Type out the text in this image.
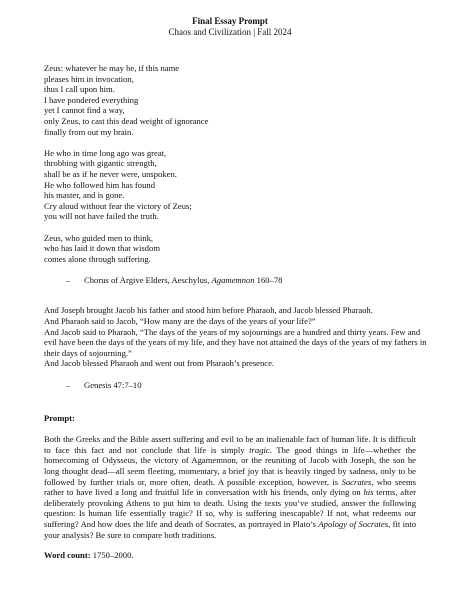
Final Essay Prompt
Chaos and Civilization | Fall 2024
Zeus: whatever he may be, if this name
pleases him in invocation,
thus I call upon him.
I have pondered everything
yet I cannot find a way,
only Zeus, to cast this dead weight of ignorance
finally from out my brain.
He who in time long ago was great,
throbbing with gigantic strength,
shall be as if he never were, unspoken.
He who followed him has found
his master, and is gone.
Cry aloud without fear the victory of Zeus;
you will not have failed the truth.
Zeus, who guided men to think,
who has laid it down that wisdom
comes alone through suffering.
– Chorus of Argive Elders, Aeschylus, Agamemnon 160–78
And Joseph brought Jacob his father and stood him before Pharaoh, and Jacob blessed Pharaoh.
And Pharaoh said to Jacob, “How many are the days of the years of your life?”
And Jacob said to Pharaoh, “The days of the years of my sojournings are a hundred and thirty years. Few and
evil have been the days of the years of my life, and they have not attained the days of the years of my fathers in
their days of sojourning.”
And Jacob blessed Pharaoh and went out from Pharaoh’s presence.
– Genesis 47:7–10
Prompt:
Both the Greeks and the Bible assert suffering and evil to be an inalienable fact of human life. It is difficult to face this fact and not conclude that life is simply tragic. The good things in life—whether the homecoming of Odysseus, the victory of Agamemnon, or the reuniting of Jacob with Joseph, the son he long thought dead—all seem fleeting, momentary, a brief joy that is heavily tinged by sadness, only to be followed by further trials or, more often, death. A possible exception, however, is Socrates, who seems rather to have lived a long and fruitful life in conversation with his friends, only dying on his terms, after deliberately provoking Athens to put him to death. Using the texts you’ve studied, answer the following question: Is human life essentially tragic? If so, why is suffering inescapable? If not, what redeems our suffering? And how does the life and death of Socrates, as portrayed in Plato’s Apology of Socrates, fit into your analysis? Be sure to compare both traditions.
Word count: 1750–2000.
